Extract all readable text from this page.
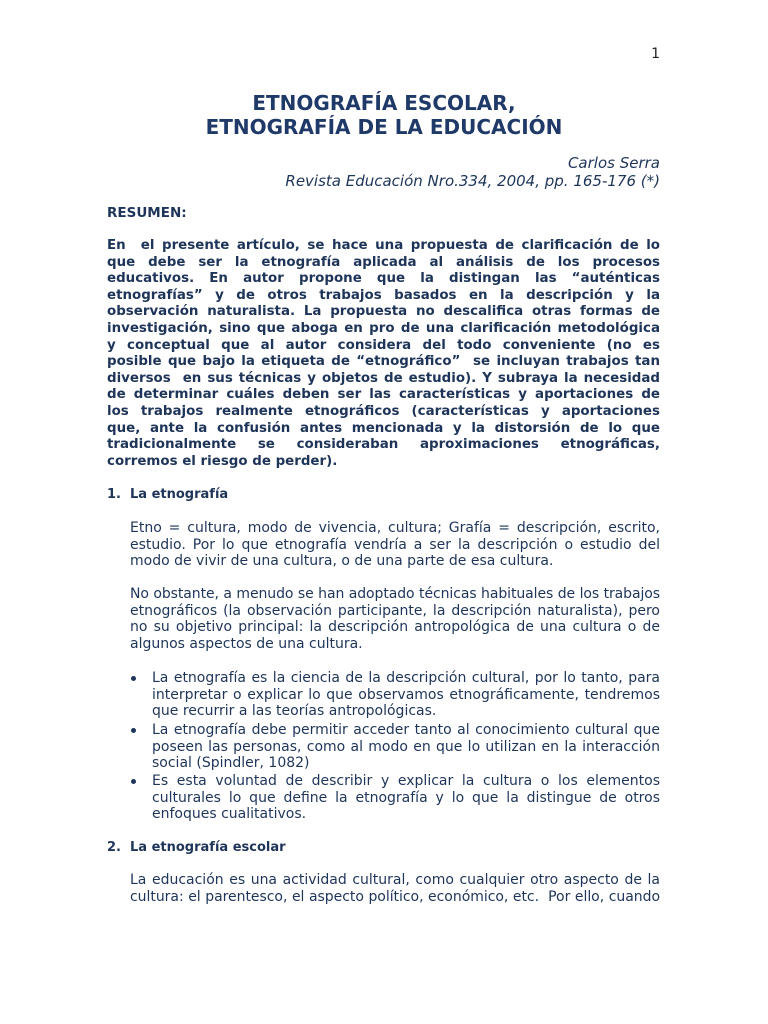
1
ETNOGRAFÍA ESCOLAR,
ETNOGRAFÍA DE LA EDUCACIÓN
Carlos Serra
Revista Educación Nro.334, 2004, pp. 165-176 (*)
RESUMEN:
En  el presente artículo, se hace una propuesta de clarificación de lo
que debe ser la etnografía aplicada al análisis de los procesos
educativos. En autor propone que la distingan las “auténticas
etnografías” y de otros trabajos basados en la descripción y la
observación naturalista. La propuesta no descalifica otras formas de
investigación, sino que aboga en pro de una clarificación metodológica
y conceptual que al autor considera del todo conveniente (no es
posible que bajo la etiqueta de “etnográfico”  se incluyan trabajos tan
diversos  en sus técnicas y objetos de estudio). Y subraya la necesidad
de determinar cuáles deben ser las características y aportaciones de
los trabajos realmente etnográficos (características y aportaciones
que, ante la confusión antes mencionada y la distorsión de lo que
tradicionalmente se consideraban aproximaciones etnográficas,
corremos el riesgo de perder).
1. La etnografía
Etno = cultura, modo de vivencia, cultura; Grafía = descripción, escrito,
estudio. Por lo que etnografía vendría a ser la descripción o estudio del
modo de vivir de una cultura, o de una parte de esa cultura.
No obstante, a menudo se han adoptado técnicas habituales de los trabajos
etnográficos (la observación participante, la descripción naturalista), pero
no su objetivo principal: la descripción antropológica de una cultura o de
algunos aspectos de una cultura.
La etnografía es la ciencia de la descripción cultural, por lo tanto, para
interpretar o explicar lo que observamos etnográficamente, tendremos
que recurrir a las teorías antropológicas.
La etnografía debe permitir acceder tanto al conocimiento cultural que
poseen las personas, como al modo en que lo utilizan en la interacción
social (Spindler, 1082)
Es esta voluntad de describir y explicar la cultura o los elementos
culturales lo que define la etnografía y lo que la distingue de otros
enfoques cualitativos.
2. La etnografía escolar
La educación es una actividad cultural, como cualquier otro aspecto de la
cultura: el parentesco, el aspecto político, económico, etc.  Por ello, cuando
